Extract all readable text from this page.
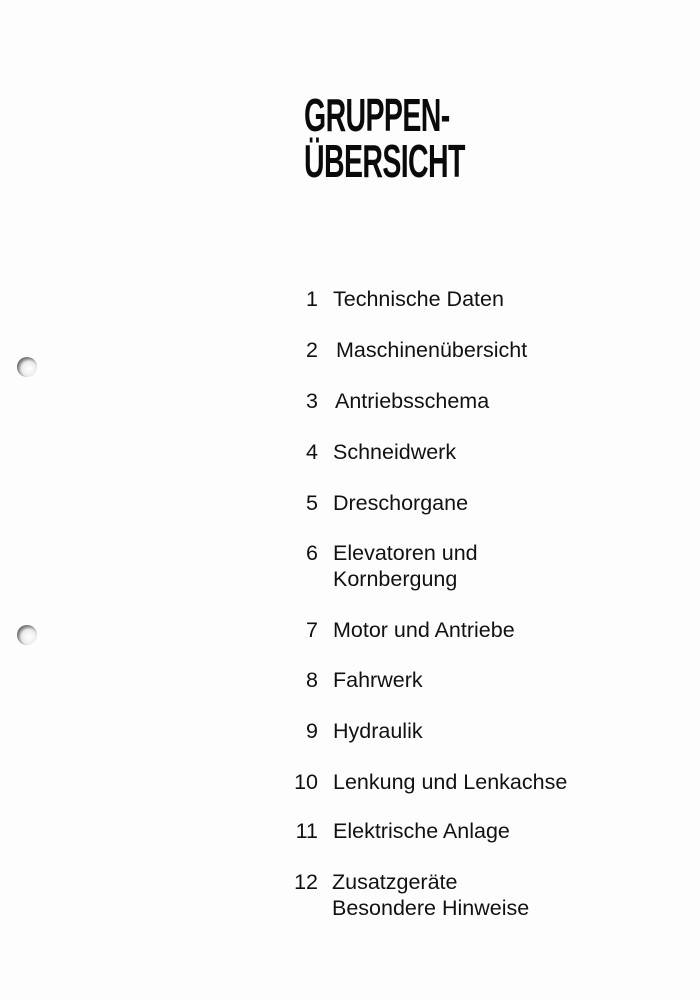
GRUPPEN-
ÜBERSICHT
1 Technische Daten
2 Maschinenübersicht
3 Antriebsschema
4 Schneidwerk
5 Dreschorgane
6 Elevatoren und
Kornbergung
7 Motor und Antriebe
8 Fahrwerk
9 Hydraulik
10 Lenkung und Lenkachse
11 Elektrische Anlage
12 Zusatzgeräte
Besondere Hinweise
